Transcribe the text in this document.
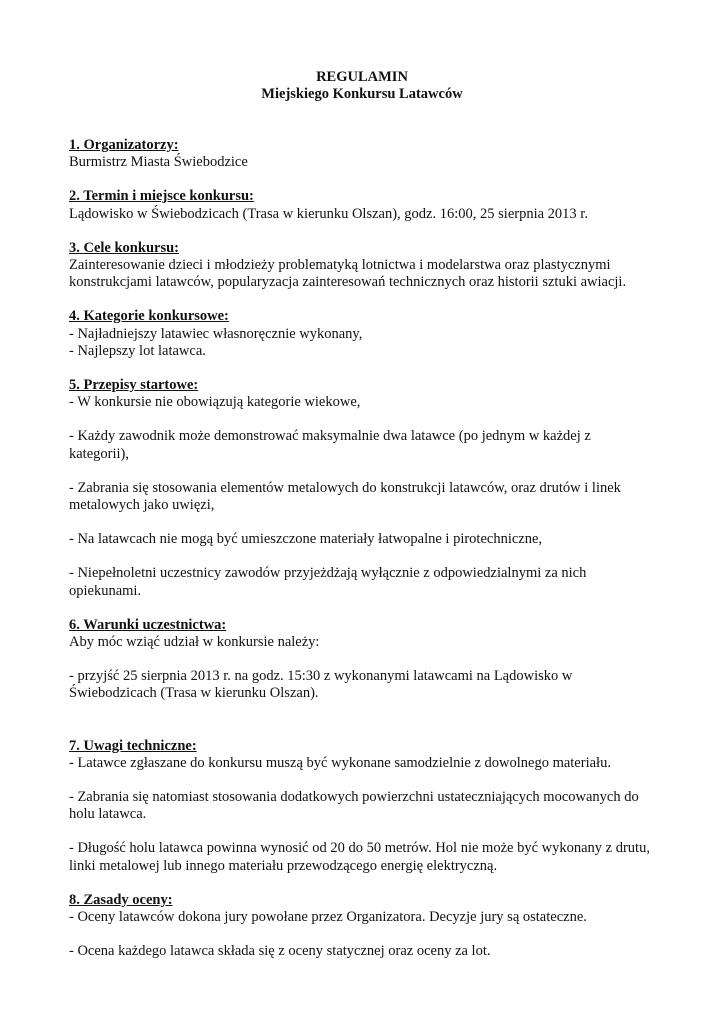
REGULAMIN
Miejskiego Konkursu Latawców
1. Organizatorzy:
Burmistrz Miasta Świebodzice
2. Termin i miejsce konkursu:
Lądowisko w Świebodzicach (Trasa w kierunku Olszan), godz. 16:00, 25 sierpnia 2013 r.
3. Cele konkursu:
Zainteresowanie dzieci i młodzieży problematyką lotnictwa i modelarstwa oraz plastycznymi
konstrukcjami latawców, popularyzacja zainteresowań technicznych oraz historii sztuki awiacji.
4. Kategorie konkursowe:
- Najładniejszy latawiec własnoręcznie wykonany,
- Najlepszy lot latawca.
5. Przepisy startowe:
- W konkursie nie obowiązują kategorie wiekowe,
- Każdy zawodnik może demonstrować maksymalnie dwa latawce (po jednym w każdej z
kategorii),
- Zabrania się stosowania elementów metalowych do konstrukcji latawców, oraz drutów i linek
metalowych jako uwięzi,
- Na latawcach nie mogą być umieszczone materiały łatwopalne i pirotechniczne,
- Niepełnoletni uczestnicy zawodów przyjeżdżają wyłącznie z odpowiedzialnymi za nich
opiekunami.
6. Warunki uczestnictwa:
Aby móc wziąć udział w konkursie należy:
- przyjść 25 sierpnia 2013 r. na godz. 15:30 z wykonanymi latawcami na Lądowisko w
Świebodzicach (Trasa w kierunku Olszan).
7. Uwagi techniczne:
- Latawce zgłaszane do konkursu muszą być wykonane samodzielnie z dowolnego materiału.
- Zabrania się natomiast stosowania dodatkowych powierzchni ustateczniających mocowanych do
holu latawca.
- Długość holu latawca powinna wynosić od 20 do 50 metrów. Hol nie może być wykonany z drutu,
linki metalowej lub innego materiału przewodzącego energię elektryczną.
8. Zasady oceny:
- Oceny latawców dokona jury powołane przez Organizatora. Decyzje jury są ostateczne.
- Ocena każdego latawca składa się z oceny statycznej oraz oceny za lot.
